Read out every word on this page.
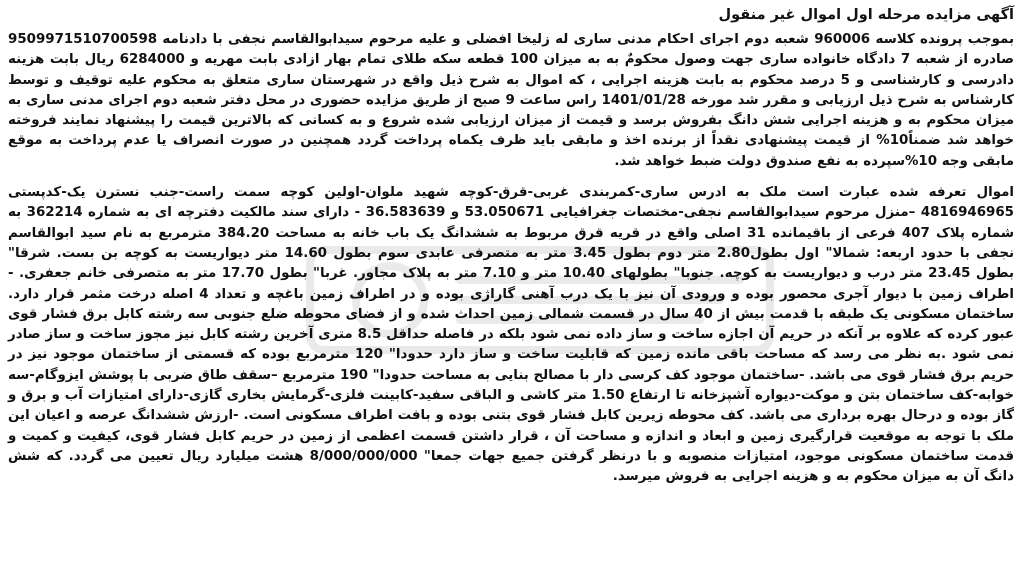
آگهی مزایده مرحله اول اموال غیر منقول

بموجب پرونده کلاسه 960006 شعبه دوم اجرای احکام مدنی ساری له زلیخا افضلی و علیه مرحوم سیدابوالقاسم نجفی با دادنامه 9509971510700598 صادره از شعبه 7 دادگاه خانواده ساری جهت وصول محکومٌ به به میزان 100 قطعه سکه طلای تمام بهار ازادی بابت مهریه و 6284000 ریال بابت هزینه دادرسی و کارشناسی و 5 درصد محکوم به بابت هزینه اجرایی ، که اموال به شرح ذیل واقع در شهرستان ساری متعلق به محکوم علیه توقیف و توسط کارشناس به شرح ذیل ارزیابی و مقرر شد مورخه 1401/01/28 راس ساعت 9 صبح از طریق مزایده حضوری در محل دفتر شعبه دوم اجرای مدنی ساری به میزان محکوم به و هزینه اجرایی شش دانگ بفروش برسد و قیمت از میزان ارزیابی شده شروع و به کسانی که بالاترین قیمت را پیشنهاد نمایند فروخته خواهد شد ضمناً10% از قیمت پیشنهادی نقداً از برنده اخذ و مابقی باید ظرف یکماه پرداخت گردد همچنین در صورت انصراف یا عدم پرداخت به موقع مابقی وجه 10%سپرده به نفع صندوق دولت ضبط خواهد شد.

اموال تعرفه شده عبارت است ملک به ادرس ساری-کمربندی غربی-قرق-کوچه شهید ملوان-اولین کوچه سمت راست-جنب نسترن یک-کدپستی 4816946965 –منزل مرحوم سیدابوالقاسم نجفی-مختصات جغرافیایی 53.050671 و 36.583639 - دارای سند مالکیت دفترچه ای به شماره 362214 به شماره پلاک 407 فرعی از باقیمانده 31 اصلی واقع در قریه قرق مربوط به ششدانگ یک باب خانه به مساحت 384.20 مترمربع به نام سید ابوالقاسم نجفی با حدود اربعه: شمالا" اول بطول2.80 متر دوم بطول 3.45 متر به متصرفی عابدی سوم بطول 14.60 متر دیواریست به کوچه بن بست. شرقا" بطول 23.45 متر درب و دیواریست به کوچه. جنوبا" بطولهای 10.40 متر و 7.10 متر به پلاک مجاور. غربا" بطول 17.70 متر به متصرفی خانم جعفری. - اطراف زمین با دیوار آجری محصور بوده و ورودی آن نیز با یک درب آهنی گاراژی بوده و در اطراف زمین باغچه و تعداد 4 اصله درخت مثمر قرار دارد. ساختمان مسکونی یک طبقه با قدمت بیش از 40 سال در قسمت شمالی زمین احداث شده و از فضای محوطه ضلع جنوبی سه رشته کابل برق فشار قوی عبور کرده که علاوه بر آنکه در حریم آن اجازه ساخت و ساز داده نمی شود بلکه در فاصله حداقل 8.5 متری آخرین رشته کابل نیز مجوز ساخت و ساز صادر نمی شود .به نظر می رسد که مساحت باقی مانده زمین که قابلیت ساخت و ساز دارد حدودا" 120 مترمربع بوده که قسمتی از ساختمان موجود نیز در حریم برق فشار قوی می باشد. -ساختمان موجود کف کرسی دار با مصالح بنایی به مساحت حدودا" 190 مترمربع –سقف طاق ضربی با پوشش ایزوگام-سه خوابه-کف ساختمان بتن و موکت-دیواره آشپزخانه تا ارتفاع 1.50 متر کاشی و الباقی سفید-کابینت فلزی-گرمایش بخاری گازی-دارای امتیازات آب و برق و گاز بوده و درحال بهره برداری می باشد. کف محوطه زیرین کابل فشار قوی بتنی بوده و بافت اطراف مسکونی است. -ارزش ششدانگ عرصه و اعیان این ملک با توجه به موقعیت قرارگیری زمین و ابعاد و اندازه و مساحت آن ، قرار داشتن قسمت اعظمی از زمین در حریم کابل فشار قوی، کیفیت و کمیت و قدمت ساختمان مسکونی موجود، امتیازات منصوبه و با درنظر گرفتن جمیع جهات جمعا" 8/000/000/000 هشت میلیارد ریال تعیین می گردد. که شش دانگ آن به میزان محکوم به و هزینه اجرایی به فروش میرسد.
